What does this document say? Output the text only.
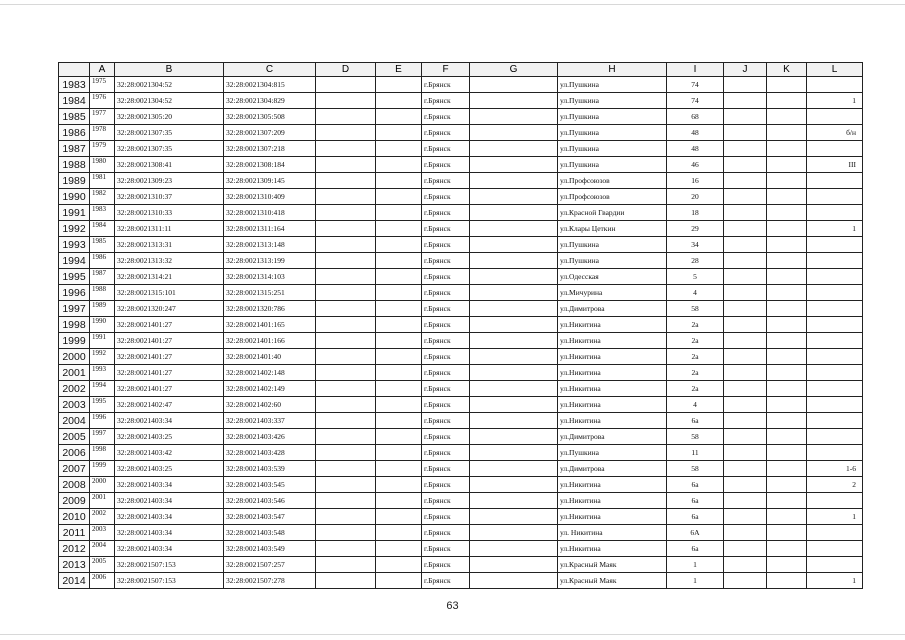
	A	B	C	D	E	F	G	H	I	J	K	L
1983	1975	32:28:0021304:52	32:28:0021304:815			г.Брянск		ул.Пушкина	74			
1984	1976	32:28:0021304:52	32:28:0021304:829			г.Брянск		ул.Пушкина	74			1
1985	1977	32:28:0021305:20	32:28:0021305:508			г.Брянск		ул.Пушкина	68			
1986	1978	32:28:0021307:35	32:28:0021307:209			г.Брянск		ул.Пушкина	48			б/н
1987	1979	32:28:0021307:35	32:28:0021307:218			г.Брянск		ул.Пушкина	48			
1988	1980	32:28:0021308:41	32:28:0021308:184			г.Брянск		ул.Пушкина	46			III
1989	1981	32:28:0021309:23	32:28:0021309:145			г.Брянск		ул.Профсоюзов	16			
1990	1982	32:28:0021310:37	32:28:0021310:409			г.Брянск		ул.Профсоюзов	20			
1991	1983	32:28:0021310:33	32:28:0021310:418			г.Брянск		ул.Красной Гвардии	18			
1992	1984	32:28:0021311:11	32:28:0021311:164			г.Брянск		ул.Клары Цеткин	29			1
1993	1985	32:28:0021313:31	32:28:0021313:148			г.Брянск		ул.Пушкина	34			
1994	1986	32:28:0021313:32	32:28:0021313:199			г.Брянск		ул.Пушкина	28			
1995	1987	32:28:0021314:21	32:28:0021314:103			г.Брянск		ул.Одесская	5			
1996	1988	32:28:0021315:101	32:28:0021315:251			г.Брянск		ул.Мичурина	4			
1997	1989	32:28:0021320:247	32:28:0021320:786			г.Брянск		ул.Димитрова	58			
1998	1990	32:28:0021401:27	32:28:0021401:165			г.Брянск		ул.Никитина	2а			
1999	1991	32:28:0021401:27	32:28:0021401:166			г.Брянск		ул.Никитина	2а			
2000	1992	32:28:0021401:27	32:28:0021401:40			г.Брянск		ул.Никитина	2а			
2001	1993	32:28:0021401:27	32:28:0021402:148			г.Брянск		ул.Никитина	2а			
2002	1994	32:28:0021401:27	32:28:0021402:149			г.Брянск		ул.Никитина	2а			
2003	1995	32:28:0021402:47	32:28:0021402:60			г.Брянск		ул.Никитина	4			
2004	1996	32:28:0021403:34	32:28:0021403:337			г.Брянск		ул.Никитина	6а			
2005	1997	32:28:0021403:25	32:28:0021403:426			г.Брянск		ул.Димитрова	58			
2006	1998	32:28:0021403:42	32:28:0021403:428			г.Брянск		ул.Пушкина	11			
2007	1999	32:28:0021403:25	32:28:0021403:539			г.Брянск		ул.Димитрова	58			1-6
2008	2000	32:28:0021403:34	32:28:0021403:545			г.Брянск		ул.Никитина	6а			2
2009	2001	32:28:0021403:34	32:28:0021403:546			г.Брянск		ул.Никитина	6а			
2010	2002	32:28:0021403:34	32:28:0021403:547			г.Брянск		ул.Никитина	6а			1
2011	2003	32:28:0021403:34	32:28:0021403:548			г.Брянск		ул. Никитина	6А			
2012	2004	32:28:0021403:34	32:28:0021403:549			г.Брянск		ул.Никитина	6а			
2013	2005	32:28:0021507:153	32:28:0021507:257			г.Брянск		ул.Красный Маяк	1			
2014	2006	32:28:0021507:153	32:28:0021507:278			г.Брянск		ул.Красный Маяк	1			1
63
